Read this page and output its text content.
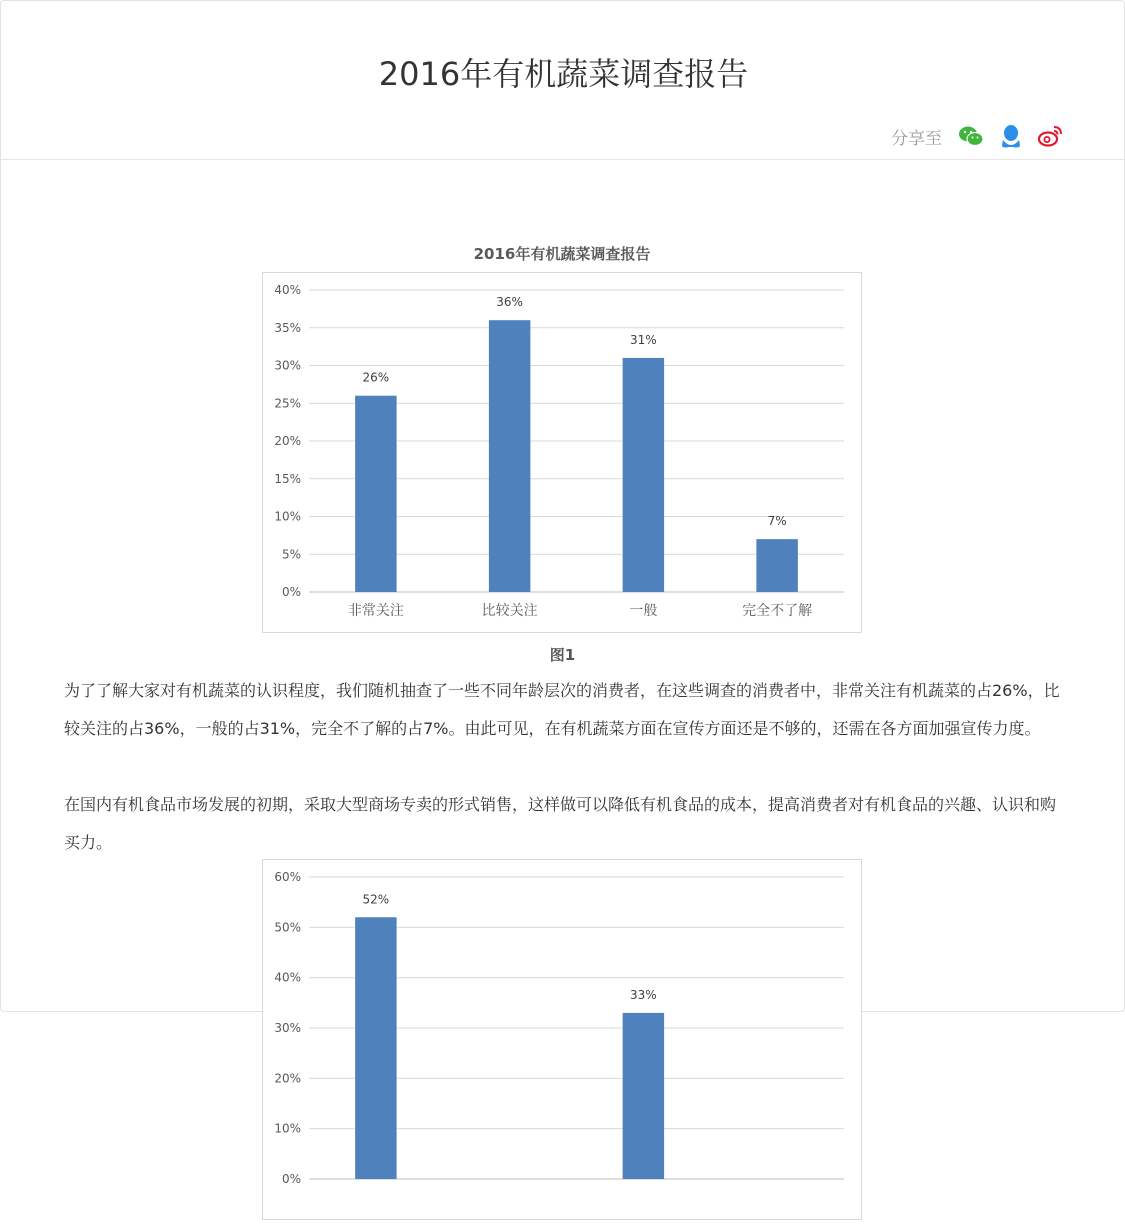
2016年有机蔬菜调查报告
分享至
2016年有机蔬菜调查报告
0%
5%
10%
15%
20%
25%
30%
35%
40%
26%
非常关注
36%
比较关注
31%
一般
7%
完全不了解
图1

为了了解大家对有机蔬菜的认识程度，我们随机抽查了一些不同年龄层次的消费者，在这些调查的消费者中，非常关注有机蔬菜的占26%，比较关注的占36%，一般的占31%，完全不了解的占7%。由此可见，在有机蔬菜方面在宣传方面还是不够的，还需在各方面加强宣传力度。

在国内有机食品市场发展的初期，采取大型商场专卖的形式销售，这样做可以降低有机食品的成本，提高消费者对有机食品的兴趣、认识和购买力。

0%
10%
20%
30%
40%
50%
60%
52%
33%
